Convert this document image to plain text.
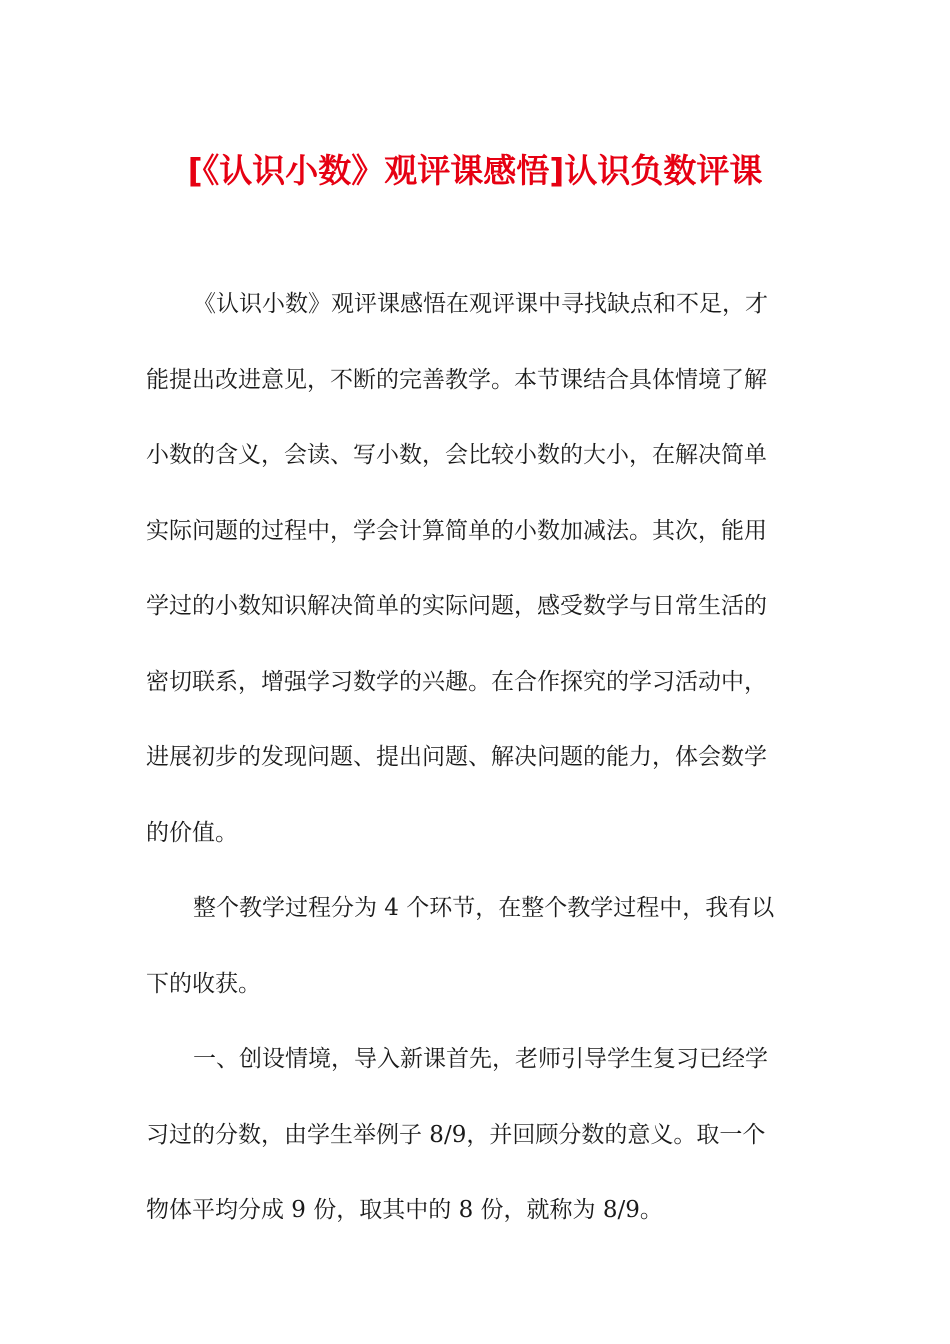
[《认识小数》观评课感悟]认识负数评课
《认识小数》观评课感悟在观评课中寻找缺点和不足，才
能提出改进意见，不断的完善教学。本节课结合具体情境了解
小数的含义，会读、写小数，会比较小数的大小，在解决简单
实际问题的过程中，学会计算简单的小数加减法。其次，能用
学过的小数知识解决简单的实际问题，感受数学与日常生活的
密切联系，增强学习数学的兴趣。在合作探究的学习活动中，
进展初步的发现问题、提出问题、解决问题的能力，体会数学
的价值。
整个教学过程分为 4 个环节，在整个教学过程中，我有以
下的收获。
一、创设情境，导入新课首先，老师引导学生复习已经学
习过的分数，由学生举例子 8/9，并回顾分数的意义。取一个
物体平均分成 9 份，取其中的 8 份，就称为 8/9。
